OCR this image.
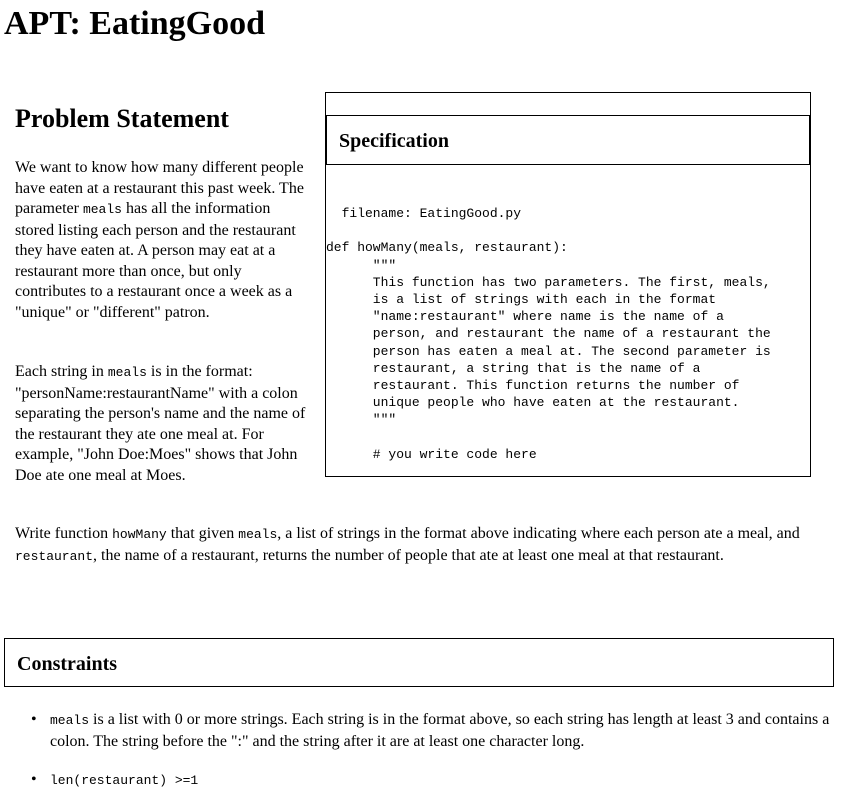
APT: EatingGood
Problem Statement

We want to know how many different people have eaten at a restaurant this past week. The parameter meals has all the information stored listing each person and the restaurant they have eaten at. A person may eat at a restaurant more than once, but only contributes to a restaurant once a week as a "unique" or "different" patron.

Each string in meals is in the format: "personName:restaurantName" with a colon separating the person's name and the name of the restaurant they ate one meal at. For example, "John Doe:Moes" shows that John Doe ate one meal at Moes.

Specification
filename: EatingGood.py

def howMany(meals, restaurant):
"""
This function has two parameters. The first, meals,
is a list of strings with each in the format
"name:restaurant" where name is the name of a
person, and restaurant the name of a restaurant the
person has eaten a meal at. The second parameter is
restaurant, a string that is the name of a
restaurant. This function returns the number of
unique people who have eaten at the restaurant.
"""

# you write code here

Write function howMany that given meals, a list of strings in the format above indicating where each person ate a meal, and restaurant, the name of a restaurant, returns the number of people that ate at least one meal at that restaurant.

Constraints
• meals is a list with 0 or more strings. Each string is in the format above, so each string has length at least 3 and contains a colon. The string before the ":" and the string after it are at least one character long.
• len(restaurant) >=1
